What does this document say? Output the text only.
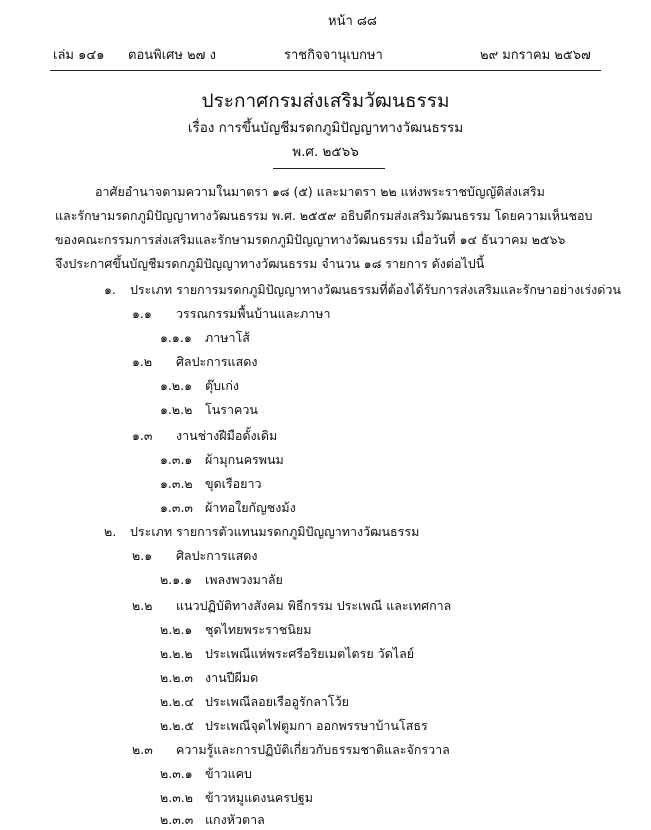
หน้า ๘๘
เล่ม ๑๔๑ ตอนพิเศษ ๒๗ ง	ราชกิจจานุเบกษา	๒๙ มกราคม ๒๕๖๗
ประกาศกรมส่งเสริมวัฒนธรรม
เรื่อง การขึ้นบัญชีมรดกภูมิปัญญาทางวัฒนธรรม
พ.ศ. ๒๕๖๖
อาศัยอำนาจตามความในมาตรา ๑๘ (๕) และมาตรา ๒๒ แห่งพระราชบัญญัติส่งเสริม
และรักษามรดกภูมิปัญญาทางวัฒนธรรม พ.ศ. ๒๕๕๙ อธิบดีกรมส่งเสริมวัฒนธรรม โดยความเห็นชอบ
ของคณะกรรมการส่งเสริมและรักษามรดกภูมิปัญญาทางวัฒนธรรม เมื่อวันที่ ๑๔ ธันวาคม ๒๕๖๖
จึงประกาศขึ้นบัญชีมรดกภูมิปัญญาทางวัฒนธรรม จำนวน ๑๘ รายการ ดังต่อไปนี้
๑. ประเภท รายการมรดกภูมิปัญญาทางวัฒนธรรมที่ต้องได้รับการส่งเสริมและรักษาอย่างเร่งด่วน
๑.๑ วรรณกรรมพื้นบ้านและภาษา
๑.๑.๑ ภาษาโส้
๑.๒ ศิลปะการแสดง
๑.๒.๑ ตุ๊บเก่ง
๑.๒.๒ โนราควน
๑.๓ งานช่างฝีมือดั้งเดิม
๑.๓.๑ ผ้ามุกนครพนม
๑.๓.๒ ขุดเรือยาว
๑.๓.๓ ผ้าทอใยกัญชงม้ง
๒. ประเภท รายการตัวแทนมรดกภูมิปัญญาทางวัฒนธรรม
๒.๑ ศิลปะการแสดง
๒.๑.๑ เพลงพวงมาลัย
๒.๒ แนวปฏิบัติทางสังคม พิธีกรรม ประเพณี และเทศกาล
๒.๒.๑ ชุดไทยพระราชนิยม
๒.๒.๒ ประเพณีแห่พระศรีอริยเมตไตรย วัดไลย์
๒.๒.๓ งานปีผีมด
๒.๒.๔ ประเพณีลอยเรืออูรักลาโว้ย
๒.๒.๕ ประเพณีจุดไฟตูมกา ออกพรรษาบ้านโสธร
๒.๓ ความรู้และการปฏิบัติเกี่ยวกับธรรมชาติและจักรวาล
๒.๓.๑ ข้าวแคบ
๒.๓.๒ ข้าวหมูแดงนครปฐม
๒.๓.๓ แกงหัวตาล
